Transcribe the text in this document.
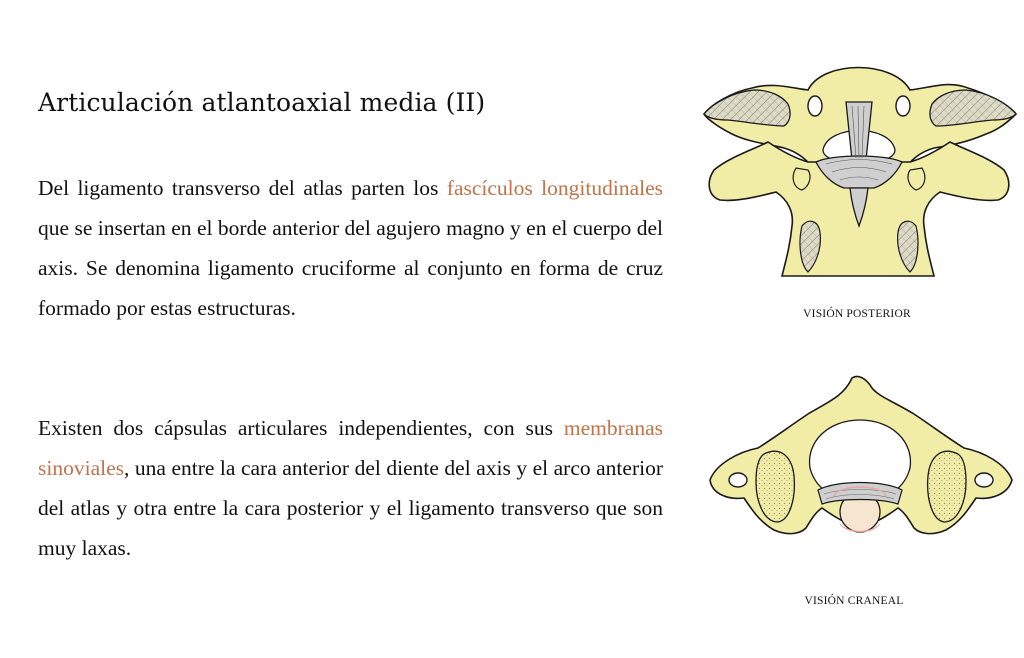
Articulación atlantoaxial media (II)

Del ligamento transverso del atlas parten los fascículos longitudinales que se insertan en el borde anterior del agujero magno y en el cuerpo del axis. Se denomina ligamento cruciforme al conjunto en forma de cruz formado por estas estructuras.

Existen dos cápsulas articulares independientes, con sus membranas sinoviales, una entre la cara anterior del diente del axis y el arco anterior del atlas y otra entre la cara posterior y el ligamento transverso que son muy laxas.

VISIÓN POSTERIOR
VISIÓN CRANEAL
